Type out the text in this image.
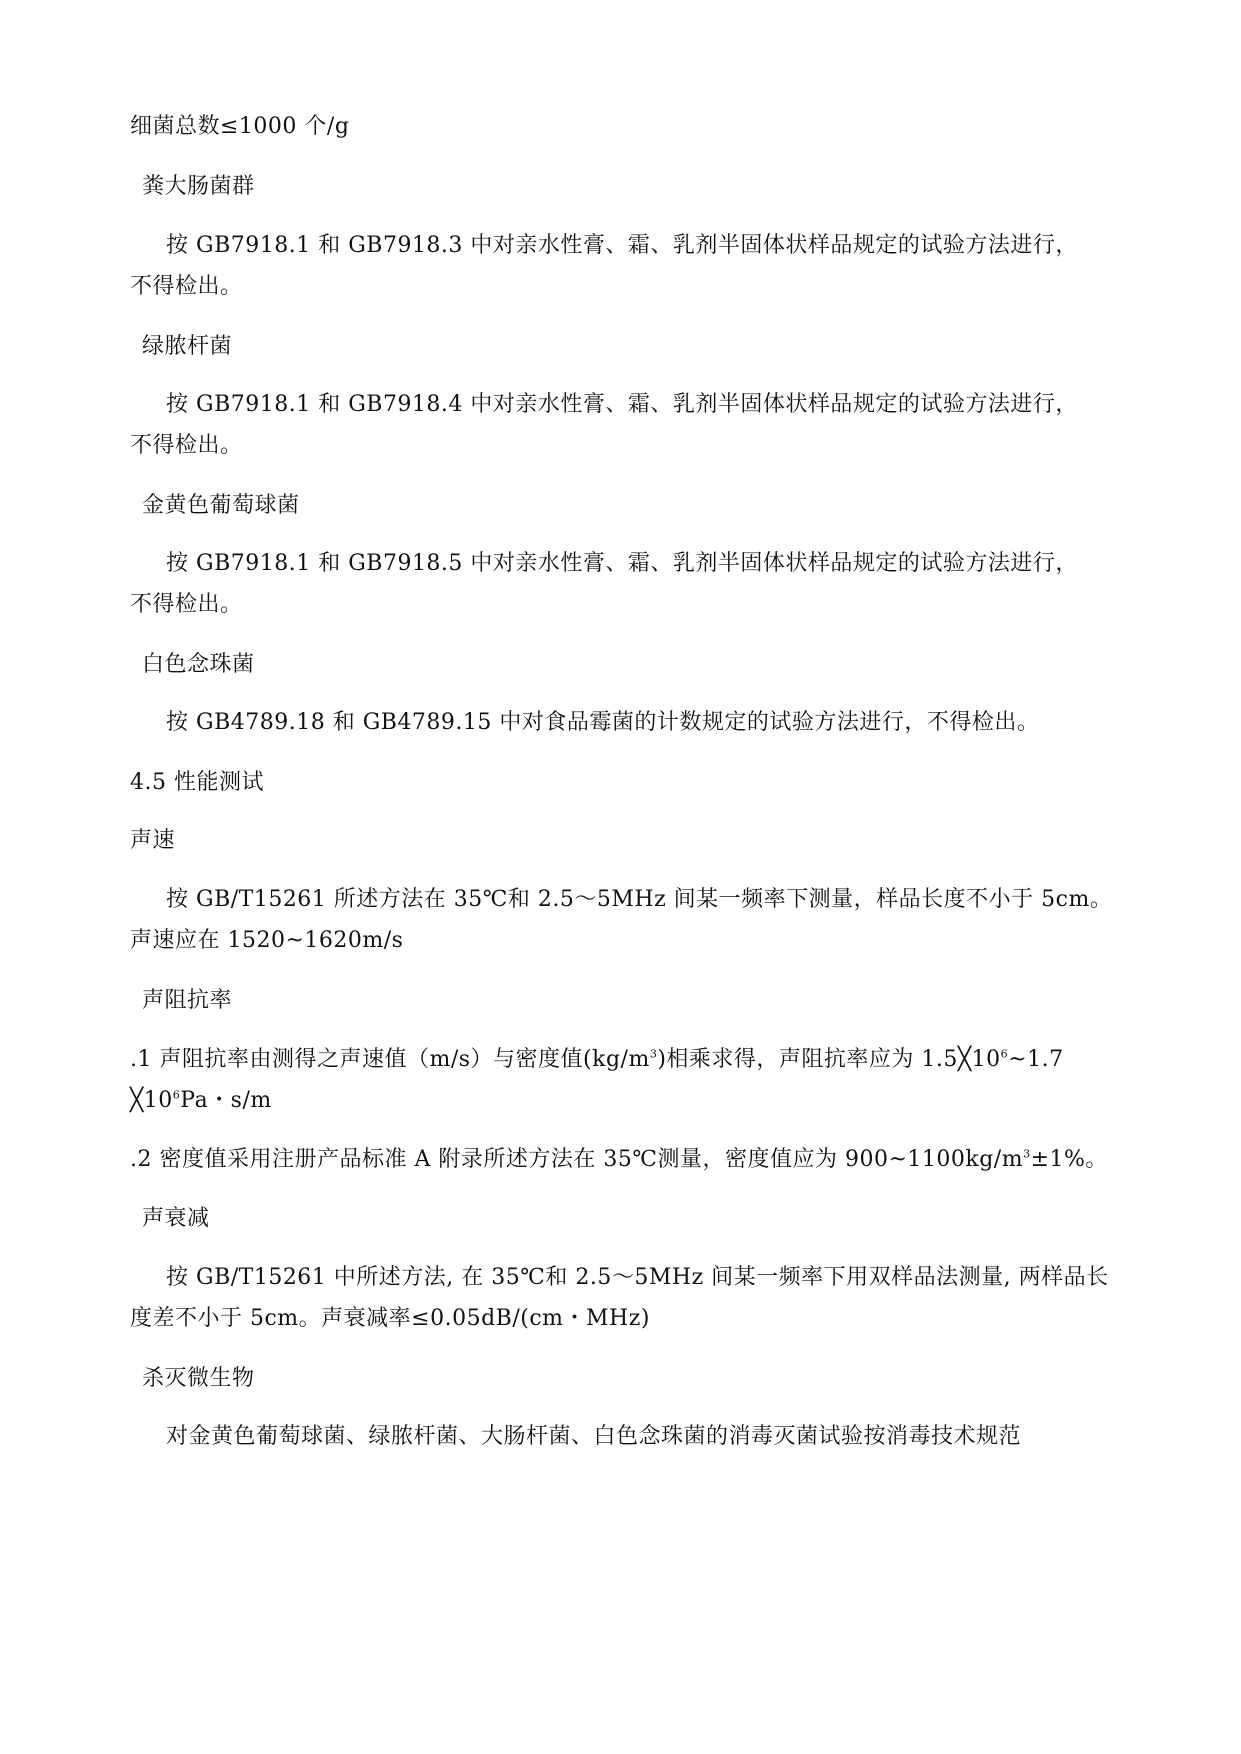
细菌总数≤1000 个/g
粪大肠菌群
按 GB7918.1 和 GB7918.3 中对亲水性膏、霜、乳剂半固体状样品规定的试验方法进行，
不得检出。
绿脓杆菌
按 GB7918.1 和 GB7918.4 中对亲水性膏、霜、乳剂半固体状样品规定的试验方法进行，
不得检出。
金黄色葡萄球菌
按 GB7918.1 和 GB7918.5 中对亲水性膏、霜、乳剂半固体状样品规定的试验方法进行，
不得检出。
白色念珠菌
按 GB4789.18 和 GB4789.15 中对食品霉菌的计数规定的试验方法进行，不得检出。
4.5 性能测试
声速
按 GB/T15261 所述方法在 35℃和 2.5～5MHz 间某一频率下测量，样品长度不小于 5cm。
声速应在 1520~1620m/s
声阻抗率
.1 声阻抗率由测得之声速值（m/s）与密度值$(kg/m^3)$相乘求得，声阻抗率应为 $1.5╳10^6\sim 1.7$
$╳10^6Pa$・s/m
.2 密度值采用注册产品标准 A 附录所述方法在 35℃测量，密度值应为 $900\sim 1100kg/m^3\pm 1\%$。
声衰减
按 GB/T15261 中所述方法, 在 35℃和 2.5～5MHz 间某一频率下用双样品法测量, 两样品长
度差不小于 5cm。声衰减率≤0.05dB/(cm・MHz)
杀灭微生物
对金黄色葡萄球菌、绿脓杆菌、大肠杆菌、白色念珠菌的消毒灭菌试验按消毒技术规范
